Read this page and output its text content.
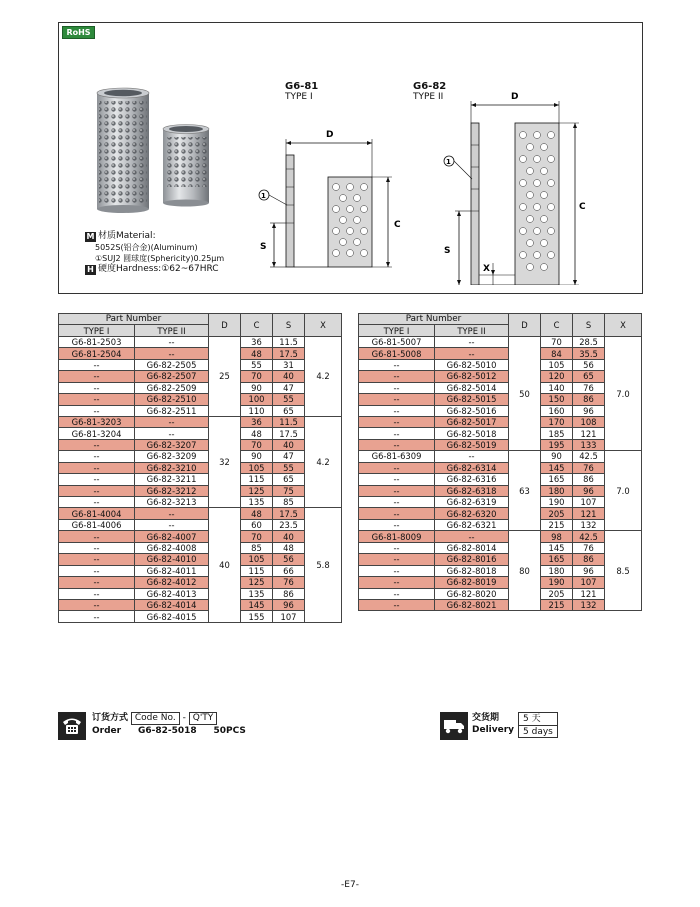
RoHS
M 材质Material:
5052S(铝合金)(Aluminum)
①SUJ2 圆球度(Sphericity)0.25μm
H 硬度Hardness:①62~67HRC
G6-81
TYPE I
G6-82
TYPE II
D
C
S
1
D
C
S
X
1
Part Number		D	C	S	X
TYPE I	TYPE II				
G6-81-2503	--	25	36	11.5	4.2
G6-81-2504	--		48	17.5	
--	G6-82-2505		55	31	
--	G6-82-2507		70	40	
--	G6-82-2509		90	47	
--	G6-82-2510		100	55	
--	G6-82-2511		110	65	
G6-81-3203	--	32	36	11.5	4.2
G6-81-3204	--		48	17.5	
--	G6-82-3207		70	40	
--	G6-82-3209		90	47	
--	G6-82-3210		105	55	
--	G6-82-3211		115	65	
--	G6-82-3212		125	75	
--	G6-82-3213		135	85	
G6-81-4004	--	40	48	17.5	5.8
G6-81-4006	--		60	23.5	
--	G6-82-4007		70	40	
--	G6-82-4008		85	48	
--	G6-82-4010		105	56	
--	G6-82-4011		115	66	
--	G6-82-4012		125	76	
--	G6-82-4013		135	86	
--	G6-82-4014		145	96	
--	G6-82-4015		155	107	
Part Number		D	C	S	X
TYPE I	TYPE II				
G6-81-5007	--	50	70	28.5	7.0
G6-81-5008	--		84	35.5	
--	G6-82-5010		105	56	
--	G6-82-5012		120	65	
--	G6-82-5014		140	76	
--	G6-82-5015		150	86	
--	G6-82-5016		160	96	
--	G6-82-5017		170	108	
--	G6-82-5018		185	121	
--	G6-82-5019		195	133	
G6-81-6309	--	63	90	42.5	7.0
--	G6-82-6314		145	76	
--	G6-82-6316		165	86	
--	G6-82-6318		180	96	
--	G6-82-6319		190	107	
--	G6-82-6320		205	121	
--	G6-82-6321		215	132	
G6-81-8009	--	80	98	42.5	8.5
--	G6-82-8014		145	76	
--	G6-82-8016		165	86	
--	G6-82-8018		180	96	
--	G6-82-8019		190	107	
--	G6-82-8020		205	121	
--	G6-82-8021		215	132	
订货方式 Code No. - Q'TY
Order G6-82-5018 50PCS
交货期
Delivery
5 天
5 days
-E7-
